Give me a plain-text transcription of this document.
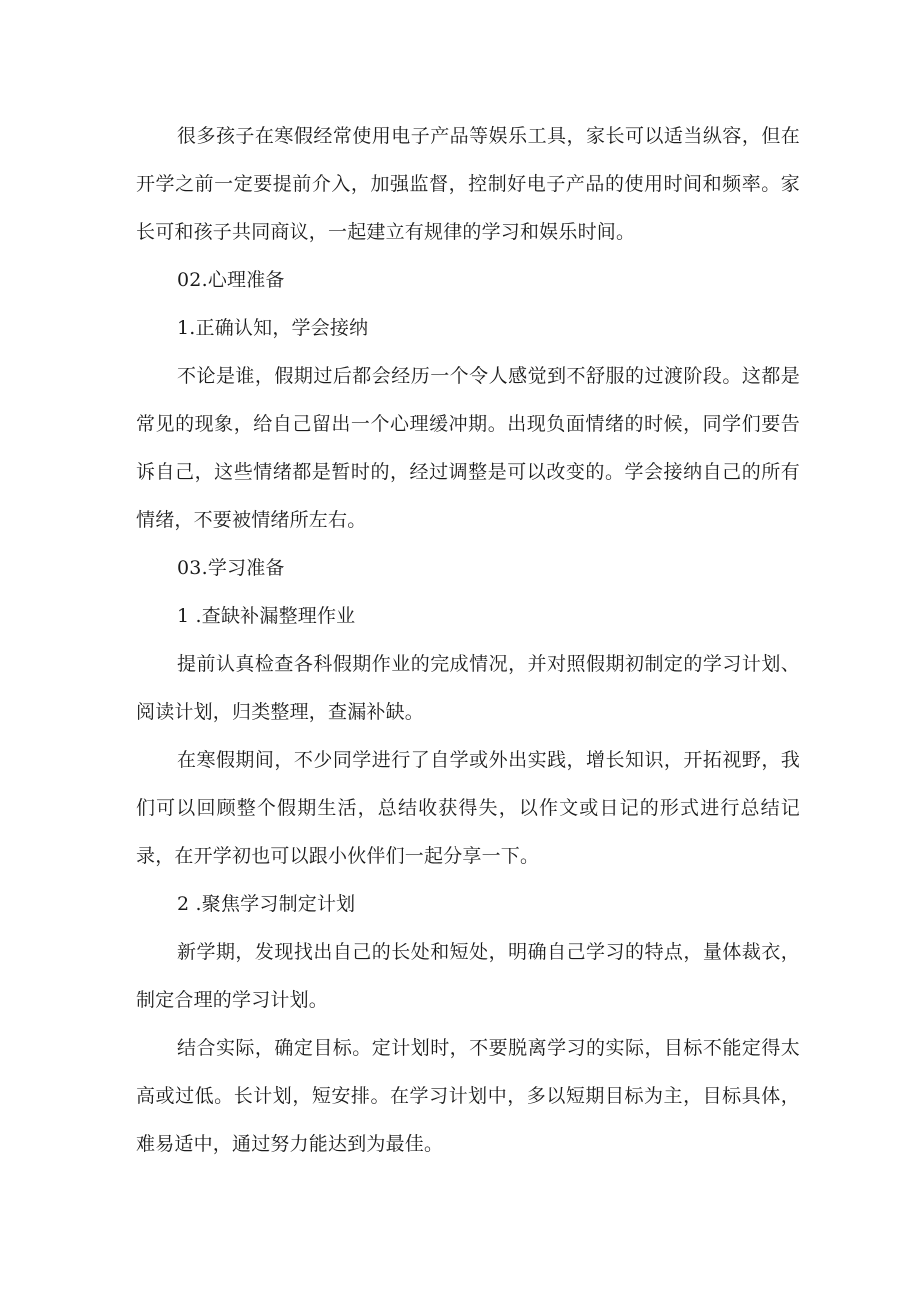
很多孩子在寒假经常使用电子产品等娱乐工具，家长可以适当纵容，但在开学之前一定要提前介入，加强监督，控制好电子产品的使用时间和频率。家长可和孩子共同商议，一起建立有规律的学习和娱乐时间。

02.心理准备

1.正确认知，学会接纳

不论是谁，假期过后都会经历一个令人感觉到不舒服的过渡阶段。这都是常见的现象，给自己留出一个心理缓冲期。出现负面情绪的时候，同学们要告诉自己，这些情绪都是暂时的，经过调整是可以改变的。学会接纳自己的所有情绪，不要被情绪所左右。

03.学习准备

1 .查缺补漏整理作业

提前认真检查各科假期作业的完成情况，并对照假期初制定的学习计划、阅读计划，归类整理，查漏补缺。

在寒假期间，不少同学进行了自学或外出实践，增长知识，开拓视野，我们可以回顾整个假期生活，总结收获得失，以作文或日记的形式进行总结记录，在开学初也可以跟小伙伴们一起分享一下。

2 .聚焦学习制定计划

新学期，发现找出自己的长处和短处，明确自己学习的特点，量体裁衣，制定合理的学习计划。

结合实际，确定目标。定计划时，不要脱离学习的实际，目标不能定得太高或过低。长计划，短安排。在学习计划中，多以短期目标为主，目标具体，难易适中，通过努力能达到为最佳。
